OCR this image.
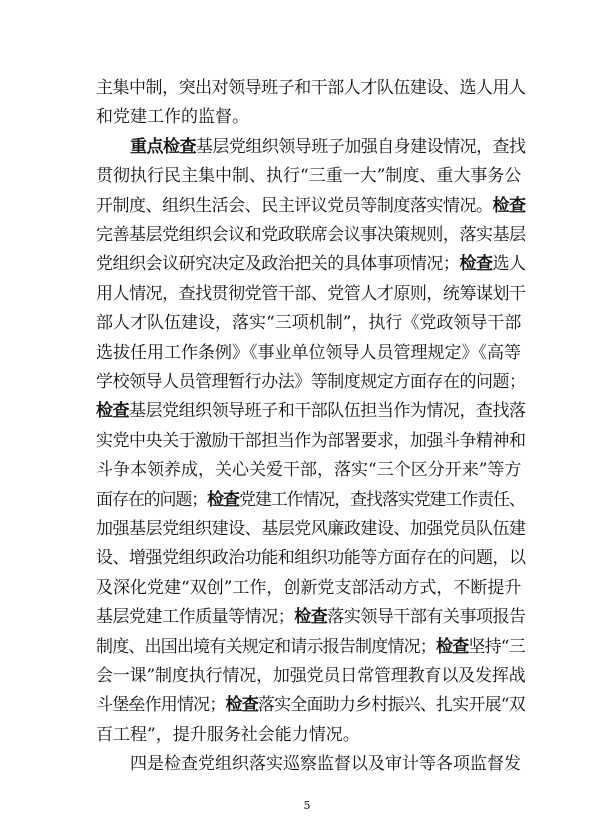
主集中制，突出对领导班子和干部人才队伍建设、选人用人
和党建工作的监督。
重点检查基层党组织领导班子加强自身建设情况，查找
贯彻执行民主集中制、执行“三重一大”制度、重大事务公
开制度、组织生活会、民主评议党员等制度落实情况。检查
完善基层党组织会议和党政联席会议事决策规则，落实基层
党组织会议研究决定及政治把关的具体事项情况；检查选人
用人情况，查找贯彻党管干部、党管人才原则，统筹谋划干
部人才队伍建设，落实“三项机制”，执行《党政领导干部
选拔任用工作条例》《事业单位领导人员管理规定》《高等
学校领导人员管理暂行办法》等制度规定方面存在的问题；
检查基层党组织领导班子和干部队伍担当作为情况，查找落
实党中央关于激励干部担当作为部署要求，加强斗争精神和
斗争本领养成，关心关爱干部，落实“三个区分开来”等方
面存在的问题；检查党建工作情况，查找落实党建工作责任、
加强基层党组织建设、基层党风廉政建设、加强党员队伍建
设、增强党组织政治功能和组织功能等方面存在的问题，以
及深化党建“双创”工作，创新党支部活动方式，不断提升
基层党建工作质量等情况；检查落实领导干部有关事项报告
制度、出国出境有关规定和请示报告制度情况；检查坚持“三
会一课”制度执行情况，加强党员日常管理教育以及发挥战
斗堡垒作用情况；检查落实全面助力乡村振兴、扎实开展“双
百工程”，提升服务社会能力情况。
四是检查党组织落实巡察监督以及审计等各项监督发
5
